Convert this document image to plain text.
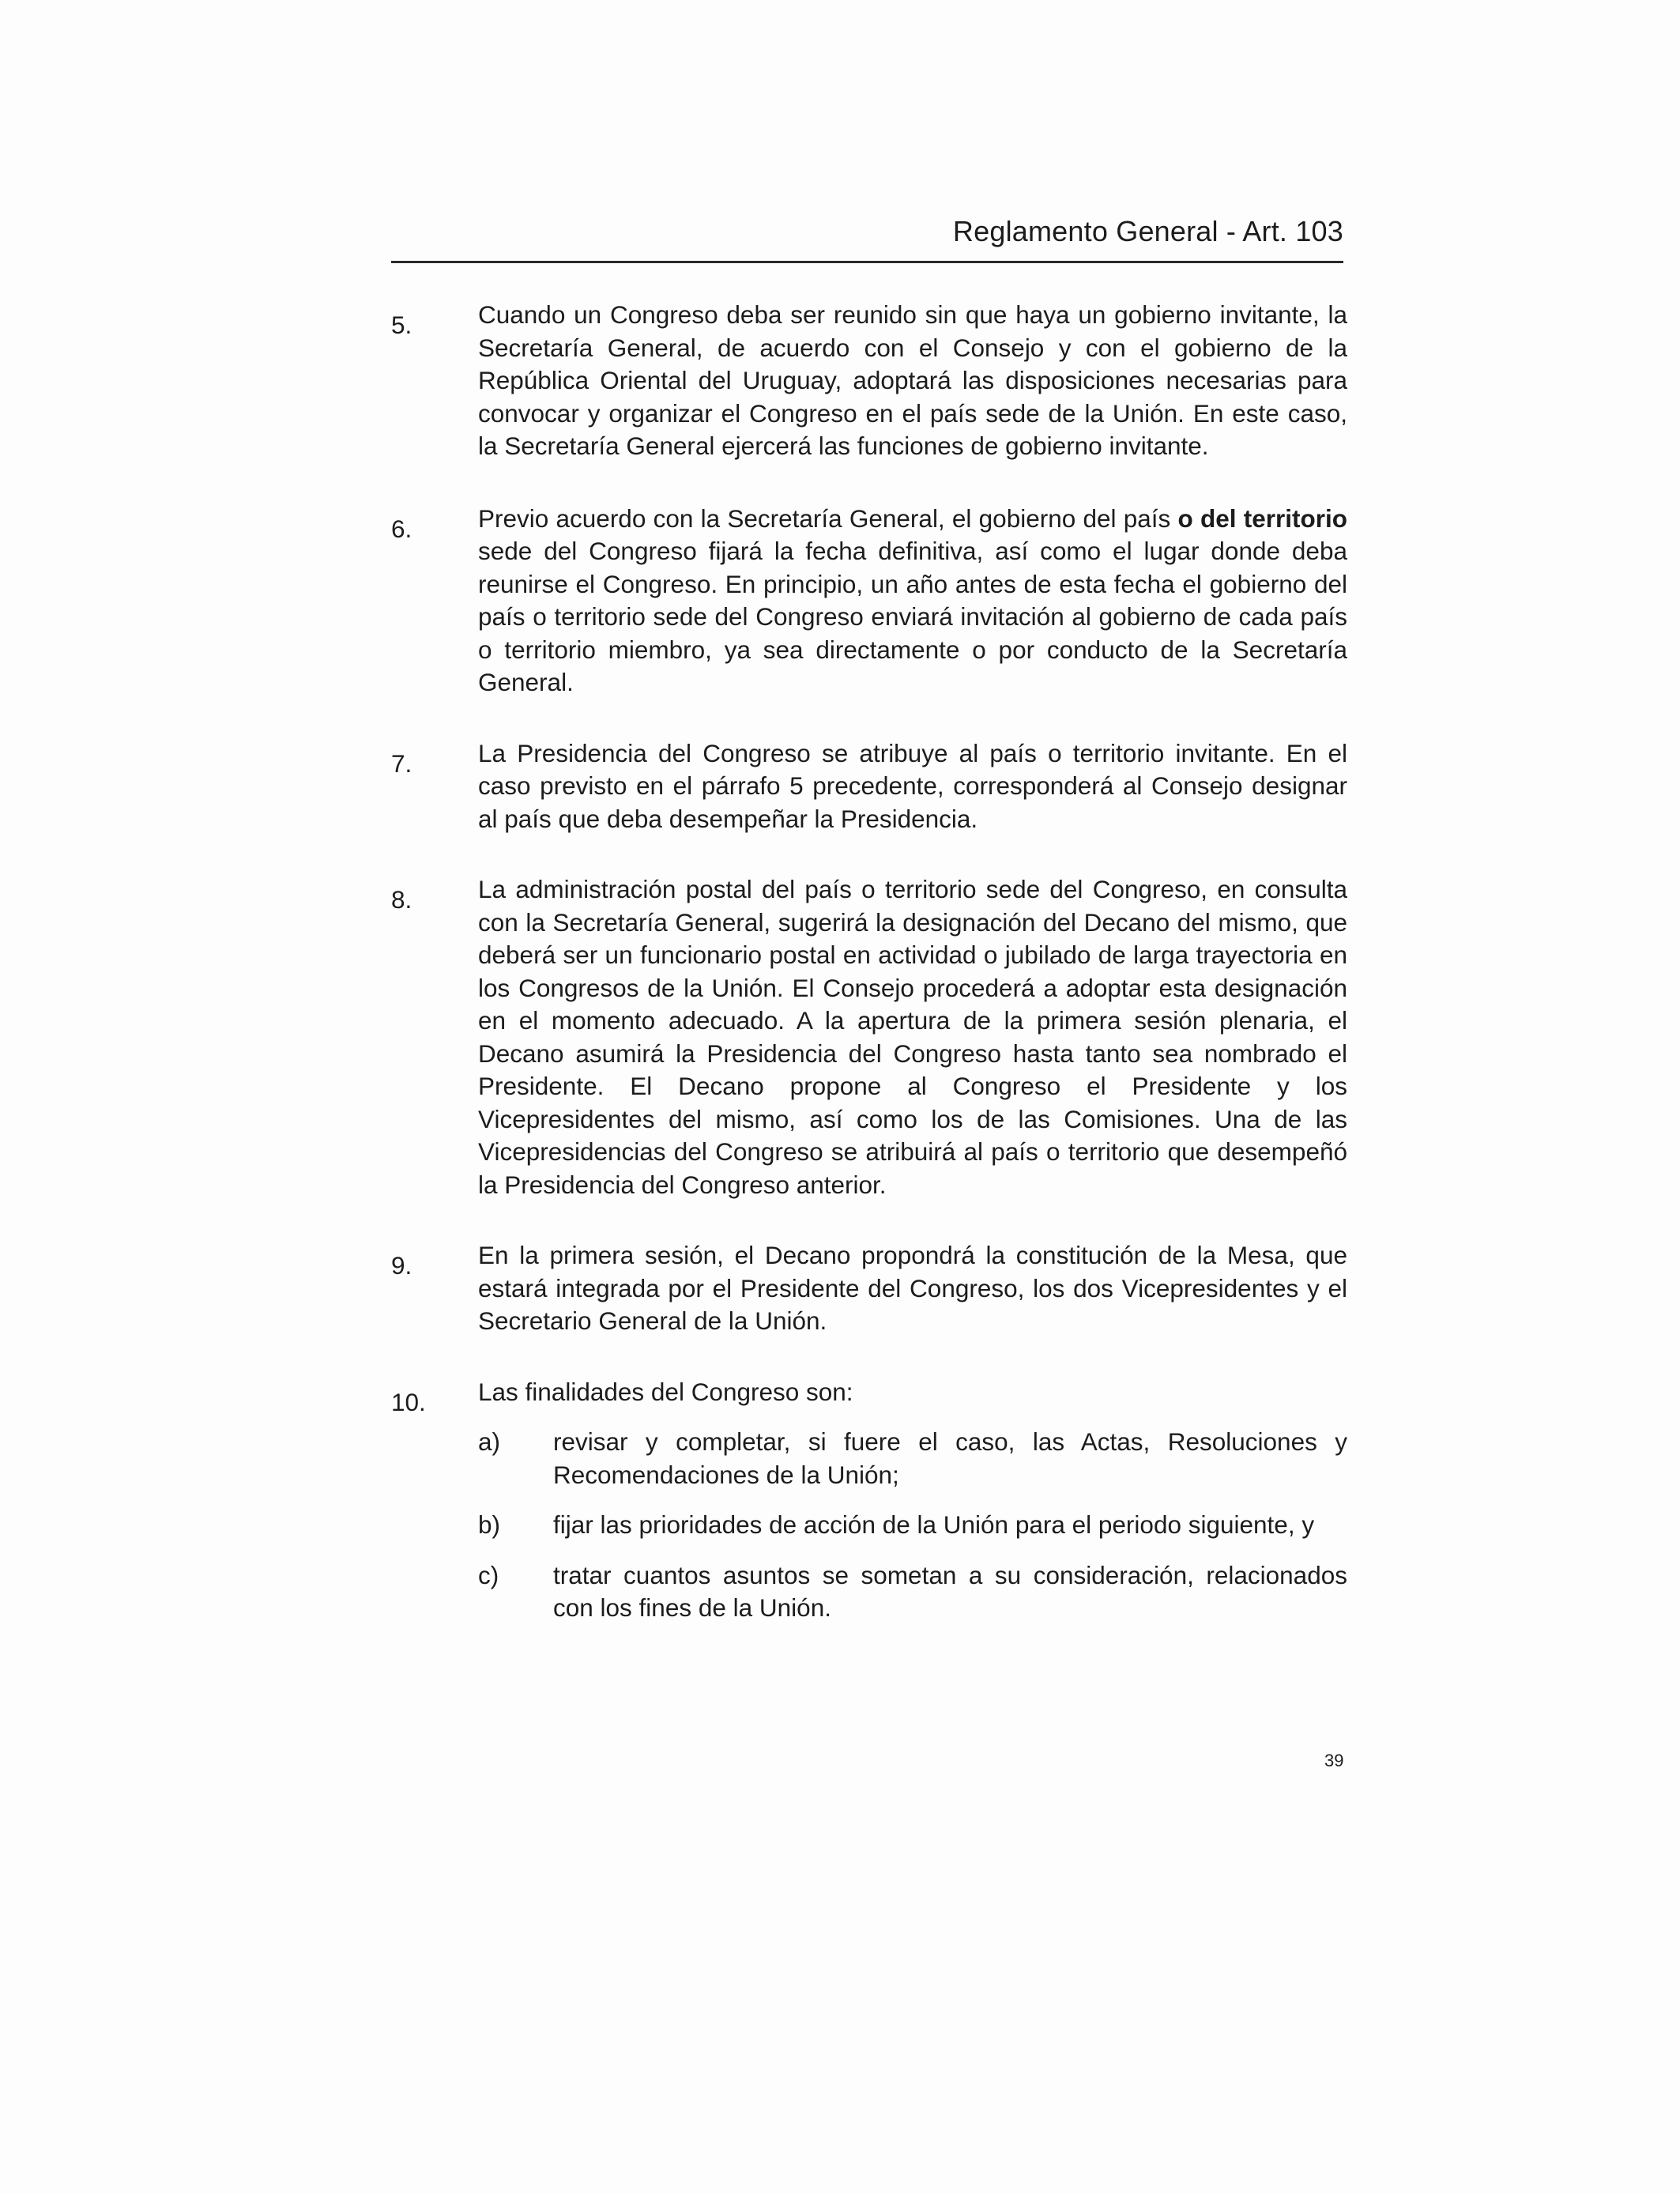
Reglamento General - Art. 103
5.	Cuando un Congreso deba ser reunido sin que haya un gobierno invitante, la Secretaría General, de acuerdo con el Consejo y con el gobierno de la República Oriental del Uruguay, adoptará las disposiciones necesarias para convocar y organizar el Congreso en el país sede de la Unión. En este caso, la Secretaría General ejercerá las funciones de gobierno invitante.
6.	Previo acuerdo con la Secretaría General, el gobierno del país o del territorio sede del Congreso fijará la fecha definitiva, así como el lugar donde deba reunirse el Congreso. En principio, un año antes de esta fecha el gobierno del país o territorio sede del Congreso enviará invitación al gobierno de cada país o territorio miembro, ya sea directamente o por conducto de la Secretaría General.
7.	La Presidencia del Congreso se atribuye al país o territorio invitante. En el caso previsto en el párrafo 5 precedente, corresponderá al Consejo designar al país que deba desempeñar la Presidencia.
8.	La administración postal del país o territorio sede del Congreso, en consulta con la Secretaría General, sugerirá la designación del Decano del mismo, que deberá ser un funcionario postal en actividad o jubilado de larga trayectoria en los Congresos de la Unión. El Consejo procederá a adoptar esta designación en el momento adecuado. A la apertura de la primera sesión plenaria, el Decano asumirá la Presidencia del Congreso hasta tanto sea nombrado el Presidente. El Decano propone al Congreso el Presidente y los Vicepresidentes del mismo, así como los de las Comisiones. Una de las Vicepresidencias del Congreso se atribuirá al país o territorio que desempeñó la Presidencia del Congreso anterior.
9.	En la primera sesión, el Decano propondrá la constitución de la Mesa, que estará integrada por el Presidente del Congreso, los dos Vicepresidentes y el Secretario General de la Unión.
10. Las finalidades del Congreso son:
a) revisar y completar, si fuere el caso, las Actas, Resoluciones y Recomendaciones de la Unión;
b) fijar las prioridades de acción de la Unión para el periodo siguiente, y
c) tratar cuantos asuntos se sometan a su consideración, relacionados con los fines de la Unión.
39
